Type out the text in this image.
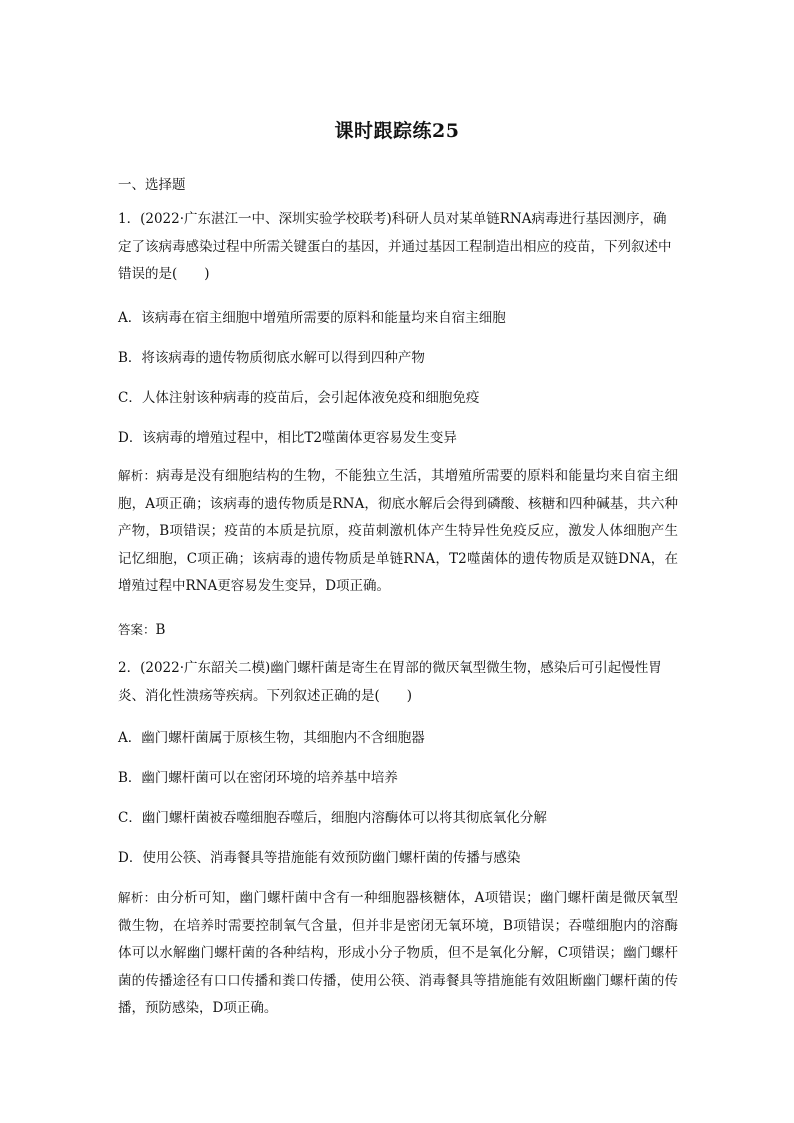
课时跟踪练25
一、选择题
1．(2022·广东湛江一中、深圳实验学校联考)科研人员对某单链RNA病毒进行基因测序，确定了该病毒感染过程中所需关键蛋白的基因，并通过基因工程制造出相应的疫苗，下列叙述中错误的是(　　)
A．该病毒在宿主细胞中增殖所需要的原料和能量均来自宿主细胞
B．将该病毒的遗传物质彻底水解可以得到四种产物
C．人体注射该种病毒的疫苗后，会引起体液免疫和细胞免疫
D．该病毒的增殖过程中，相比T2噬菌体更容易发生变异
解析：病毒是没有细胞结构的生物，不能独立生活，其增殖所需要的原料和能量均来自宿主细胞，A项正确；该病毒的遗传物质是RNA，彻底水解后会得到磷酸、核糖和四种碱基，共六种产物，B项错误；疫苗的本质是抗原，疫苗刺激机体产生特异性免疫反应，激发人体细胞产生记忆细胞，C项正确；该病毒的遗传物质是单链RNA，T2噬菌体的遗传物质是双链DNA，在增殖过程中RNA更容易发生变异，D项正确。
答案：B
2．(2022·广东韶关二模)幽门螺杆菌是寄生在胃部的微厌氧型微生物，感染后可引起慢性胃炎、消化性溃疡等疾病。下列叙述正确的是(　　)
A．幽门螺杆菌属于原核生物，其细胞内不含细胞器
B．幽门螺杆菌可以在密闭环境的培养基中培养
C．幽门螺杆菌被吞噬细胞吞噬后，细胞内溶酶体可以将其彻底氧化分解
D．使用公筷、消毒餐具等措施能有效预防幽门螺杆菌的传播与感染
解析：由分析可知，幽门螺杆菌中含有一种细胞器核糖体，A项错误；幽门螺杆菌是微厌氧型微生物，在培养时需要控制氧气含量，但并非是密闭无氧环境，B项错误；吞噬细胞内的溶酶体可以水解幽门螺杆菌的各种结构，形成小分子物质，但不是氧化分解，C项错误；幽门螺杆菌的传播途径有口口传播和粪口传播，使用公筷、消毒餐具等措施能有效阻断幽门螺杆菌的传播，预防感染，D项正确。
